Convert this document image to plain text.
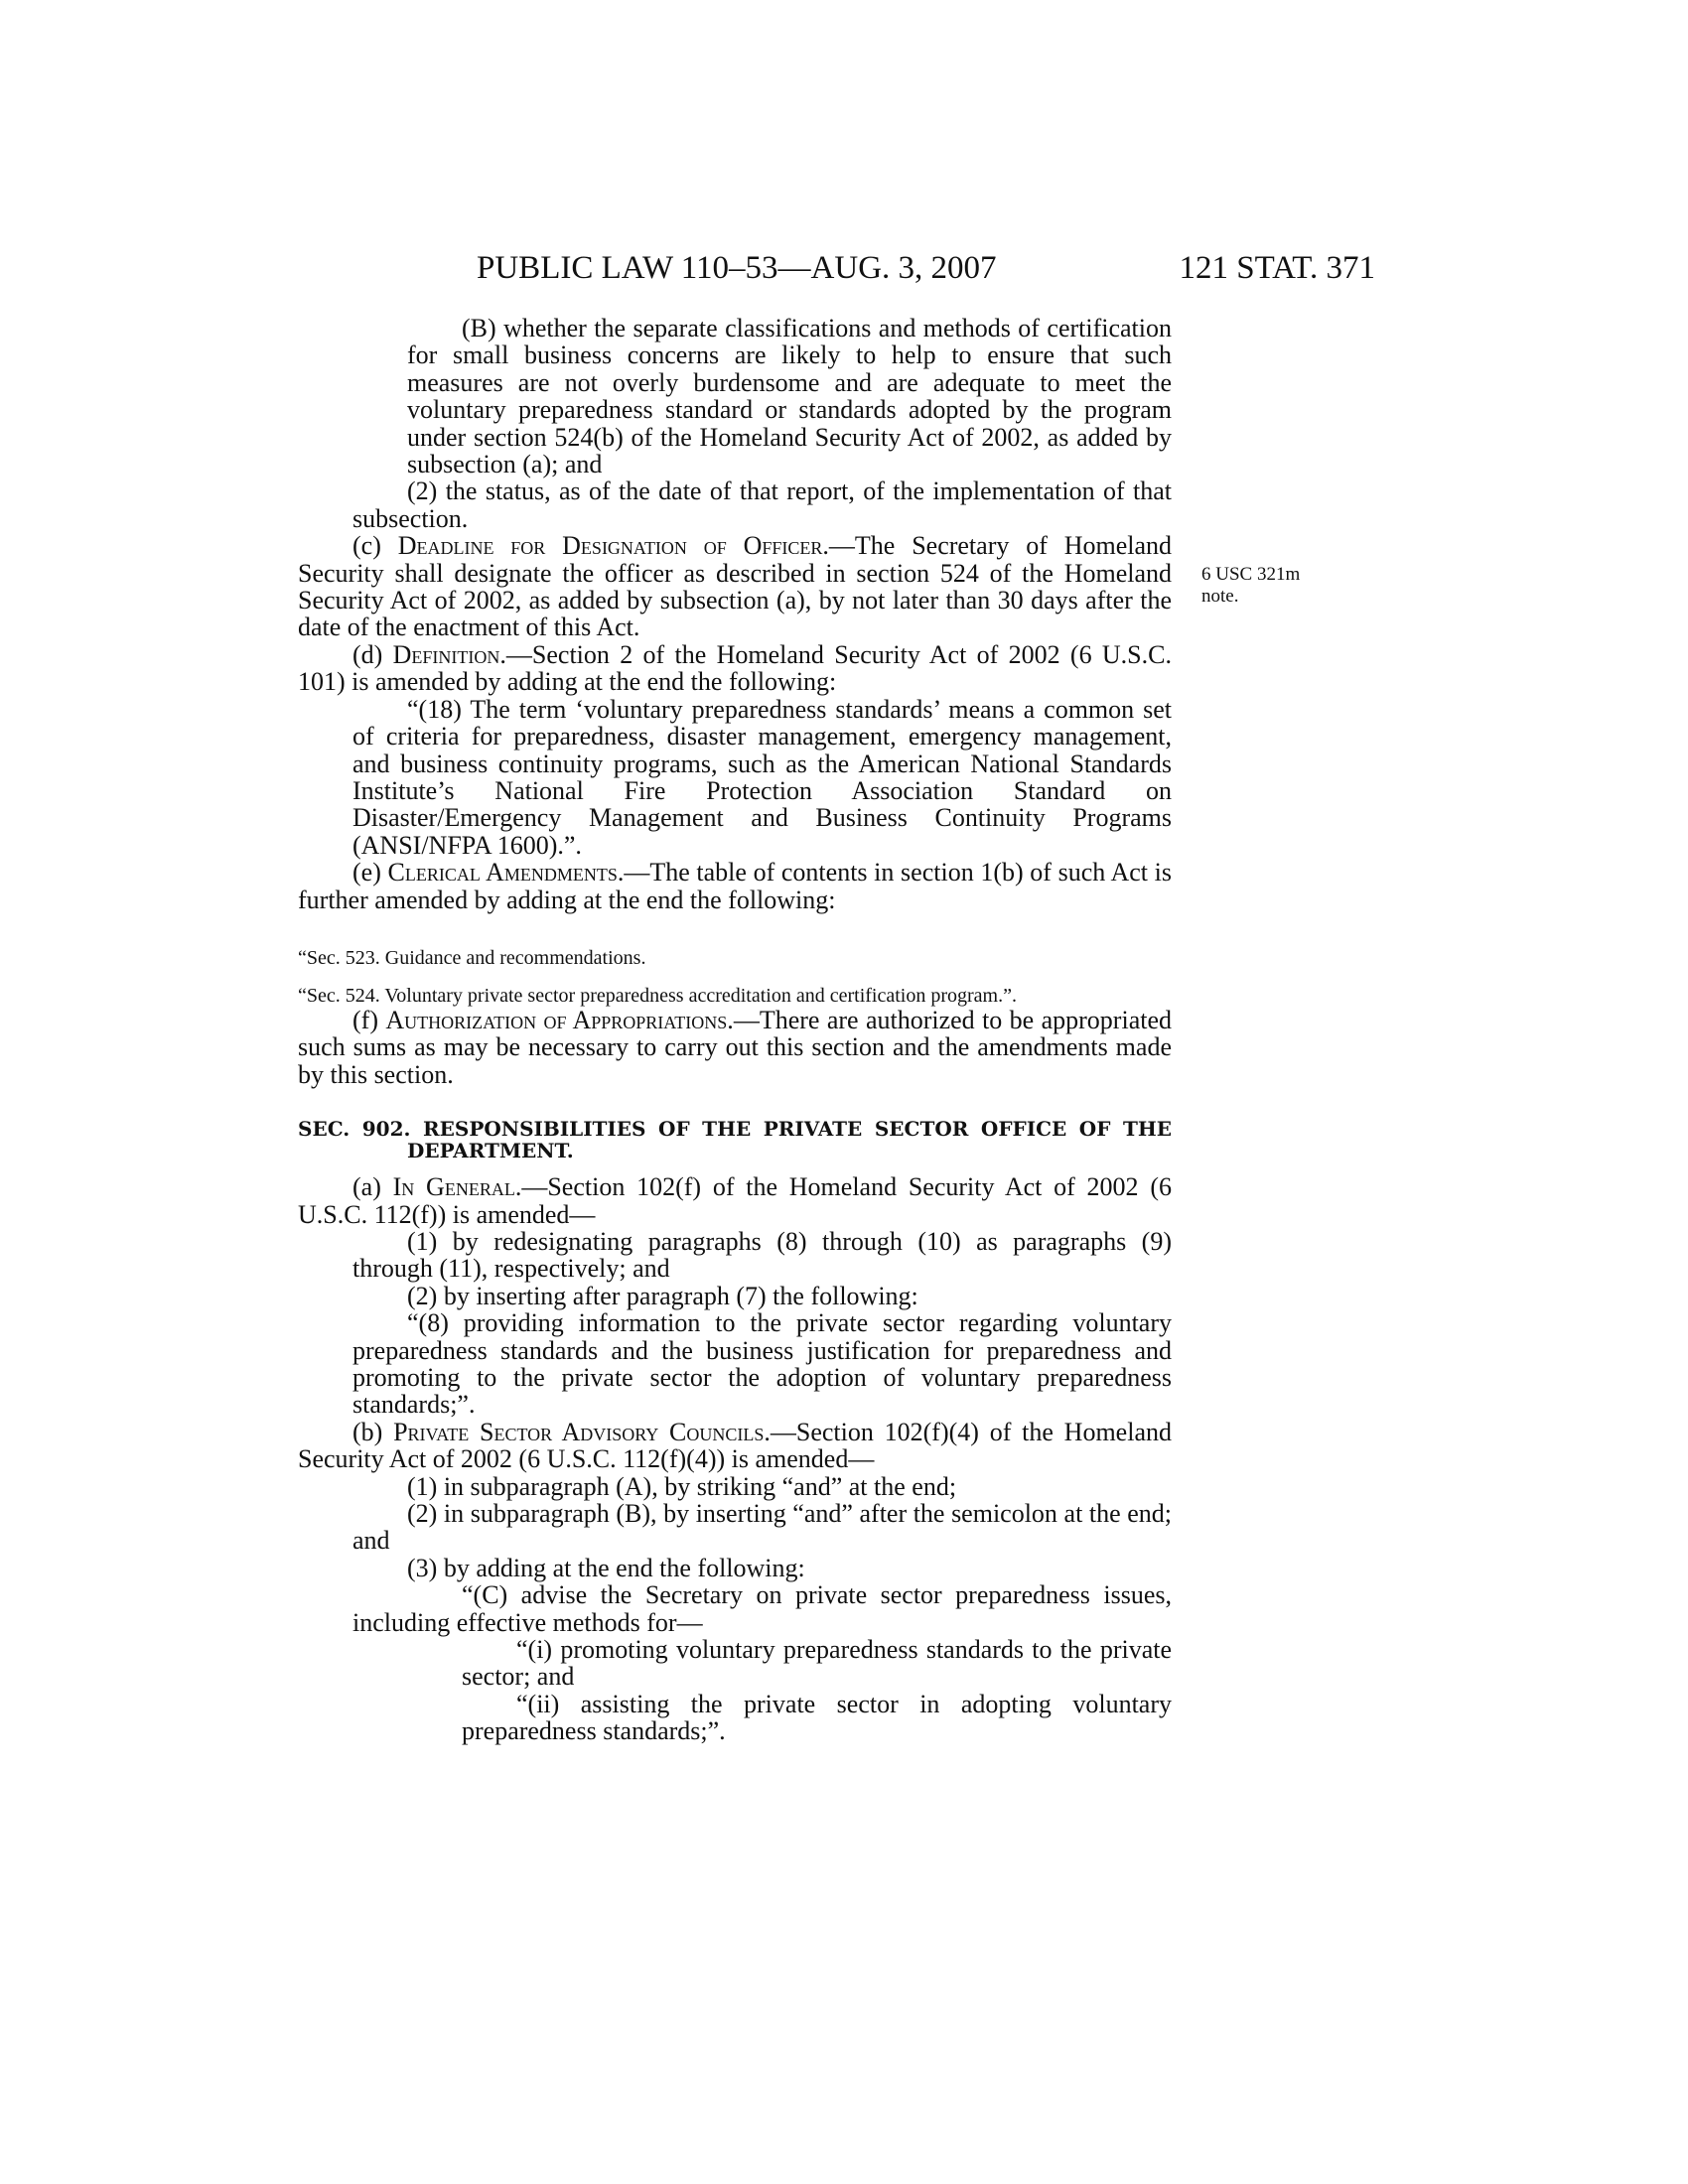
PUBLIC LAW 110–53—AUG. 3, 2007	121 STAT. 371
6 USC 321m
note.

(B) whether the separate classifications and methods of certification for small business concerns are likely to help to ensure that such measures are not overly burdensome and are adequate to meet the voluntary preparedness standard or standards adopted by the program under section 524(b) of the Homeland Security Act of 2002, as added by subsection (a); and

(2) the status, as of the date of that report, of the implementation of that subsection.

(c) Deadline for Designation of Officer.—The Secretary of Homeland Security shall designate the officer as described in section 524 of the Homeland Security Act of 2002, as added by subsection (a), by not later than 30 days after the date of the enactment of this Act.

(d) Definition.—Section 2 of the Homeland Security Act of 2002 (6 U.S.C. 101) is amended by adding at the end the following:

“(18) The term ‘voluntary preparedness standards’ means a common set of criteria for preparedness, disaster management, emergency management, and business continuity programs, such as the American National Standards Institute’s National Fire Protection Association Standard on Disaster/Emergency Management and Business Continuity Programs (ANSI/NFPA 1600).”.

(e) Clerical Amendments.—The table of contents in section 1(b) of such Act is further amended by adding at the end the following:

“Sec. 523. Guidance and recommendations.

“Sec. 524. Voluntary private sector preparedness accreditation and certification program.”.

(f) Authorization of Appropriations.—There are authorized to be appropriated such sums as may be necessary to carry out this section and the amendments made by this section.

SEC. 902. RESPONSIBILITIES OF THE PRIVATE SECTOR OFFICE OF THE DEPARTMENT.

(a) In General.—Section 102(f) of the Homeland Security Act of 2002 (6 U.S.C. 112(f)) is amended—

(1) by redesignating paragraphs (8) through (10) as paragraphs (9) through (11), respectively; and

(2) by inserting after paragraph (7) the following:

“(8) providing information to the private sector regarding voluntary preparedness standards and the business justification for preparedness and promoting to the private sector the adoption of voluntary preparedness standards;”.

(b) Private Sector Advisory Councils.—Section 102(f)(4) of the Homeland Security Act of 2002 (6 U.S.C. 112(f)(4)) is amended—

(1) in subparagraph (A), by striking “and” at the end;

(2) in subparagraph (B), by inserting “and” after the semicolon at the end; and

(3) by adding at the end the following:

“(C) advise the Secretary on private sector preparedness issues, including effective methods for—

“(i) promoting voluntary preparedness standards to the private sector; and

“(ii) assisting the private sector in adopting voluntary preparedness standards;”.
